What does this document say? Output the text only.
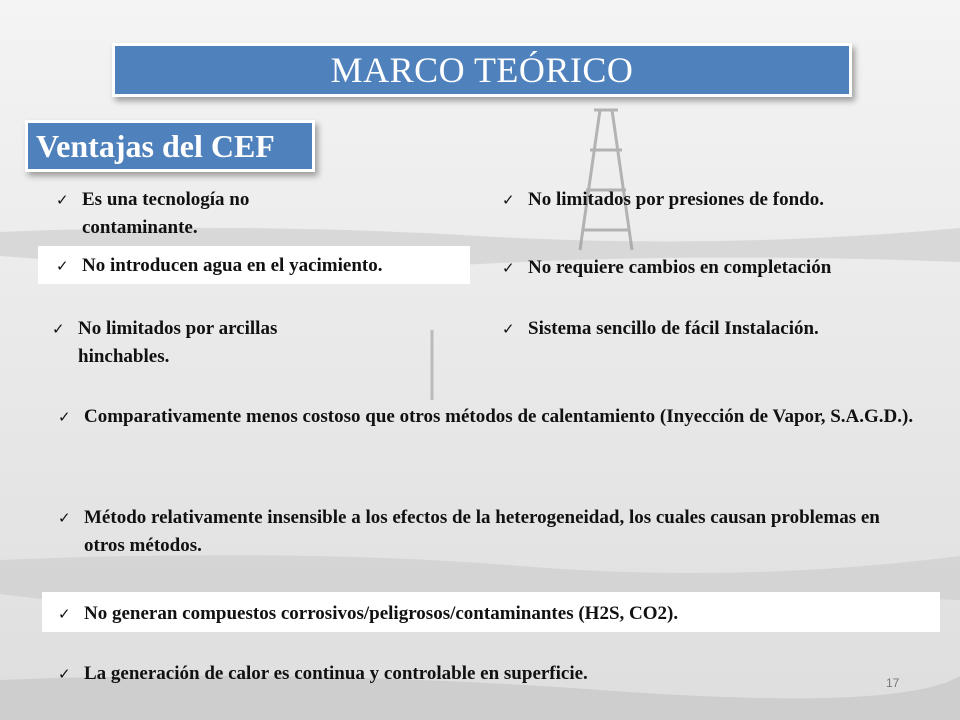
MARCO TEÓRICO
Ventajas del CEF
✓ Es una tecnología no contaminante.
✓ No limitados por presiones de fondo.
✓ No introducen agua en el yacimiento.	✓ No requiere cambios en completación
✓ No limitados por arcillas hinchables.
✓ Sistema sencillo de fácil Instalación.
✓ Comparativamente menos costoso que otros métodos de calentamiento (Inyección de Vapor, S.A.G.D.).
✓ Método relativamente insensible a los efectos de la heterogeneidad, los cuales causan problemas en otros métodos.
✓ No generan compuestos corrosivos/peligrosos/contaminantes (H2S, CO2).
✓ La generación de calor es continua y controlable en superficie.	17
